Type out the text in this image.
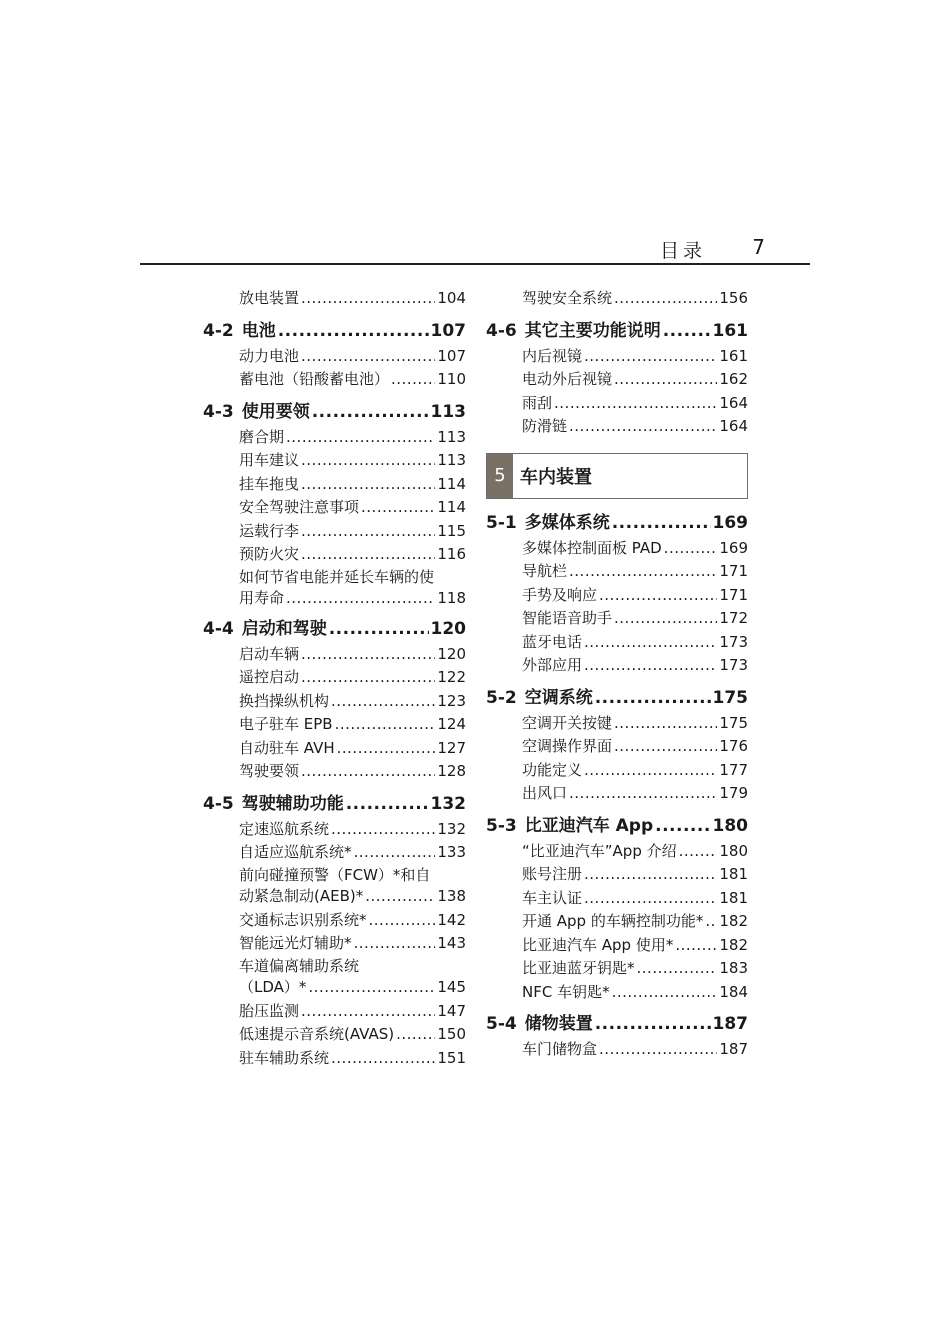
目录 7
放电装置 .....	104
4-2 电池 .....	107
动力电池 .....	107
蓄电池（铅酸蓄电池） .....	110
4-3 使用要领 .....	113
磨合期 .....	113
用车建议 .....	113
挂车拖曳 .....	114
安全驾驶注意事项 .....	114
运载行李 .....	115
预防火灾 .....	116
如何节省电能并延长车辆的使
用寿命 .....	118
4-4 启动和驾驶 .....	120
启动车辆 .....	120
遥控启动 .....	122
换挡操纵机构 .....	123
电子驻车 EPB .....	124
自动驻车 AVH .....	127
驾驶要领 .....	128
4-5 驾驶辅助功能 .....	132
定速巡航系统 .....	132
自适应巡航系统* .....	133
前向碰撞预警（FCW）*和自
动紧急制动(AEB)* .....	138
交通标志识别系统* .....	142
智能远光灯辅助* .....	143
车道偏离辅助系统
（LDA）* .....	145
胎压监测 .....	147
低速提示音系统(AVAS) .....	150
驻车辅助系统 .....	151
驾驶安全系统 .....	156
4-6 其它主要功能说明 .....	161
内后视镜 .....	161
电动外后视镜 .....	162
雨刮 .....	164
防滑链 .....	164
5 车内装置
5-1 多媒体系统 .....	169
多媒体控制面板 PAD .....	169
导航栏 .....	171
手势及响应 .....	171
智能语音助手 .....	172
蓝牙电话 .....	173
外部应用 .....	173
5-2 空调系统 .....	175
空调开关按键 .....	175
空调操作界面 .....	176
功能定义 .....	177
出风口 .....	179
5-3 比亚迪汽车 App .....	180
“比亚迪汽车”App 介绍 .....	180
账号注册 .....	181
车主认证 .....	181
开通 App 的车辆控制功能* ..... 182
比亚迪汽车 App 使用* .....	182
比亚迪蓝牙钥匙* .....	183
NFC 车钥匙* .....	184
5-4 储物装置 .....	187
车门储物盒 .....	187
